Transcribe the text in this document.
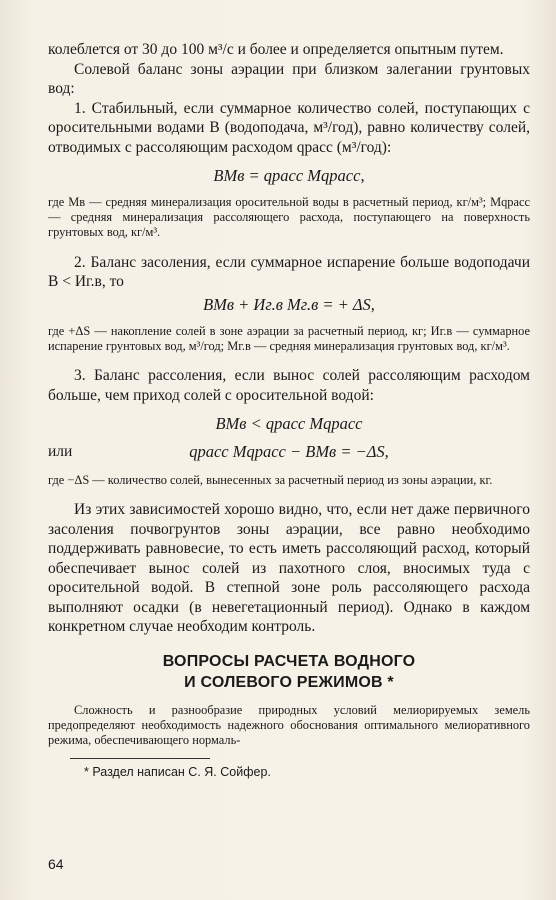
колеблется от 30 до 100 м³/с и более и определяется опытным путем.

Солевой баланс зоны аэрации при близком залегании грунтовых вод:

1. Стабильный, если суммарное количество солей, поступающих с оросительными водами B (водоподача, м³/год), равно количеству солей, отводимых с рассоляющим расходом qрасс (м³/год):

BMв = qрасс Mqрасс,

где Mв — средняя минерализация оросительной воды в расчетный период, кг/м³; Mqрасс — средняя минерализация рассоляющего расхода, поступающего на поверхность грунтовых вод, кг/м³.

2. Баланс засоления, если суммарное испарение больше водоподачи B < Иг.в, то

BMв + Иг.в Mг.в = + ΔS,

где +ΔS — накопление солей в зоне аэрации за расчетный период, кг; Иг.в — суммарное испарение грунтовых вод, м³/год; Mг.в — средняя минерализация грунтовых вод, кг/м³.

3. Баланс рассоления, если вынос солей рассоляющим расходом больше, чем приход солей с оросительной водой:

BMв < qрасс Mqрасс

или	qрасс Mqрасс − BMв = −ΔS,

где −ΔS — количество солей, вынесенных за расчетный период из зоны аэрации, кг.

Из этих зависимостей хорошо видно, что, если нет даже первичного засоления почвогрунтов зоны аэрации, все равно необходимо поддерживать равновесие, то есть иметь рассоляющий расход, который обеспечивает вынос солей из пахотного слоя, вносимых туда с оросительной водой. В степной зоне роль рассоляющего расхода выполняют осадки (в невегетационный период). Однако в каждом конкретном случае необходим контроль.

ВОПРОСЫ РАСЧЕТА ВОДНОГО
И СОЛЕВОГО РЕЖИМОВ *

Сложность и разнообразие природных условий мелиорируемых земель предопределяют необходимость надежного обоснования оптимального мелиоративного режима, обеспечивающего нормаль-

* Раздел написан С. Я. Сойфер.

64
